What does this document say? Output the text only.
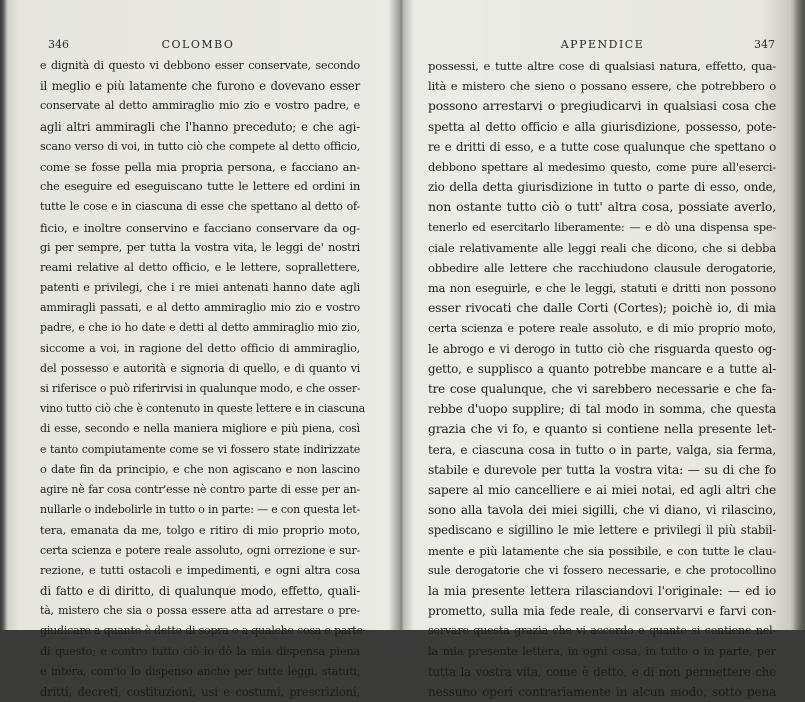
346	COLOMBO
e dignità di questo vi debbono esser conservate, secondo
il meglio e più latamente che furono e dovevano esser
conservate al detto ammiraglio mio zio e vostro padre, e
agli altri ammiragli che l'hanno preceduto; e che agi-
scano verso di voi, in tutto ciò che compete al detto officio,
come se fosse pella mia propria persona, e facciano an-
che eseguire ed eseguiscano tutte le lettere ed ordini in
tutte le cose e in ciascuna di esse che spettano al detto of-
ficio, e inoltre conservino e facciano conservare da og-
gi per sempre, per tutta la vostra vita, le leggi de' nostri
reami relative al detto officio, e le lettere, soprallettere,
patenti e privilegi, che i re miei antenati hanno date agli
ammiragli passati, e al detto ammiraglio mio zio e vostro
padre, e che io ho date e detti al detto ammiraglio mio zio,
siccome a voi, in ragione del detto officio di ammiraglio,
del possesso e autorità e signoria di quello, e di quanto vi
si riferisce o può riferirvisi in qualunque modo, e che osser-
vino tutto ciò che è contenuto in queste lettere e in ciascuna
di esse, secondo e nella maniera migliore e più piena, così
e tanto compiutamente come se vi fossero state indirizzate
o date fin da principio, e che non agiscano e non lascino
agire nè far cosa contr'esse nè contro parte di esse per an-
nullarle o indebolirle in tutto o in parte: — e con questa let-
tera, emanata da me, tolgo e ritiro di mio proprio moto,
certa scienza e potere reale assoluto, ogni orrezione e sur-
rezione, e tutti ostacoli e impedimenti, e ogni altra cosa
di fatto e di diritto, di qualunque modo, effetto, quali-
tà, mistero che sia o possa essere atta ad arrestare o pre-
giudicare a quanto è detto di sopra o a qualche cosa o parte
di questo; e contro tutto ciò io dò la mia dispensa piena
e intera, com'io lo dispenso anche per tutte leggi, statuti,
dritti, decreti, costituzioni, usi e costumi, prescrizioni,
APPENDICE	347
possessi, e tutte altre cose di qualsiasi natura, effetto, qua-
lità e mistero che sieno o possano essere, che potrebbero o
possono arrestarvi o pregiudicarvi in qualsiasi cosa che
spetta al detto officio e alla giurisdizione, possesso, pote-
re e dritti di esso, e a tutte cose qualunque che spettano o
debbono spettare al medesimo questo, come pure all'eserci-
zio della detta giurisdizione in tutto o parte di esso, onde,
non ostante tutto ciò o tutt' altra cosa, possiate averlo,
tenerlo ed esercitarlo liberamente: — e dò una dispensa spe-
ciale relativamente alle leggi reali che dicono, che si debba
obbedire alle lettere che racchiudono clausule derogatorie,
ma non eseguirle, e che le leggi, statuti e dritti non possono
esser rivocati che dalle Corti (Cortes); poichè io, di mia
certa scienza e potere reale assoluto, e di mio proprio moto,
le abrogo e vi derogo in tutto ciò che risguarda questo og-
getto, e supplisco a quanto potrebbe mancare e a tutte al-
tre cose qualunque, che vi sarebbero necessarie e che fa-
rebbe d'uopo supplire; di tal modo in somma, che questa
grazia che vi fo, e quanto si contiene nella presente let-
tera, e ciascuna cosa in tutto o in parte, valga, sia ferma,
stabile e durevole per tutta la vostra vita: — su di che fo
sapere al mio cancelliere e ai miei notai, ed agli altri che
sono alla tavola dei miei sigilli, che vi diano, vi rilascino,
spediscano e sigillino le mie lettere e privilegi il più stabil-
mente e più latamente che sia possibile, e con tutte le clau-
sule derogatorie che vi fossero necessarie, e che protocollino
la mia presente lettera rilasciandovi l'originale: — ed io
prometto, sulla mia fede reale, di conservarvi e farvi con-
servare questa grazia che vi accordo e quanto si contiene nel-
la mia presente lettera, in ogni cosa, in tutto o in parte, per
tutta la vostra vita, come è detto, e di non permettere che
nessuno operi contrariamente in alcun modo, sotto pena
